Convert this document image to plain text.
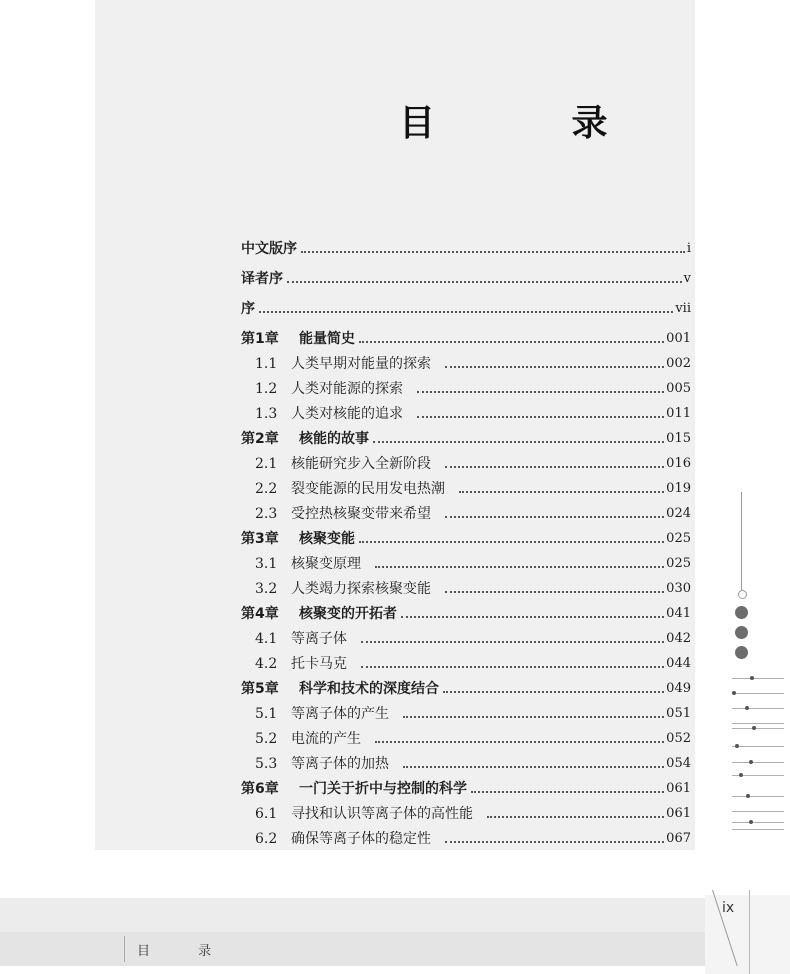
目 录
中文版序	i
译者序	v
序	vii
第1章	能量简史	001
1.1 人类早期对能量的探索	002
1.2 人类对能源的探索	005
1.3 人类对核能的追求	011
第2章	核能的故事	015
2.1 核能研究步入全新阶段	016
2.2 裂变能源的民用发电热潮	019
2.3 受控热核聚变带来希望	024
第3章	核聚变能	025
3.1 核聚变原理	025
3.2 人类竭力探索核聚变能	030
第4章	核聚变的开拓者	041
4.1 等离子体	042
4.2 托卡马克	044
第5章	科学和技术的深度结合	049
5.1 等离子体的产生	051
5.2 电流的产生	052
5.3 等离子体的加热	054
第6章	一门关于折中与控制的科学	061
6.1 寻找和认识等离子体的高性能	061
6.2 确保等离子体的稳定性	067
目 录
ix
